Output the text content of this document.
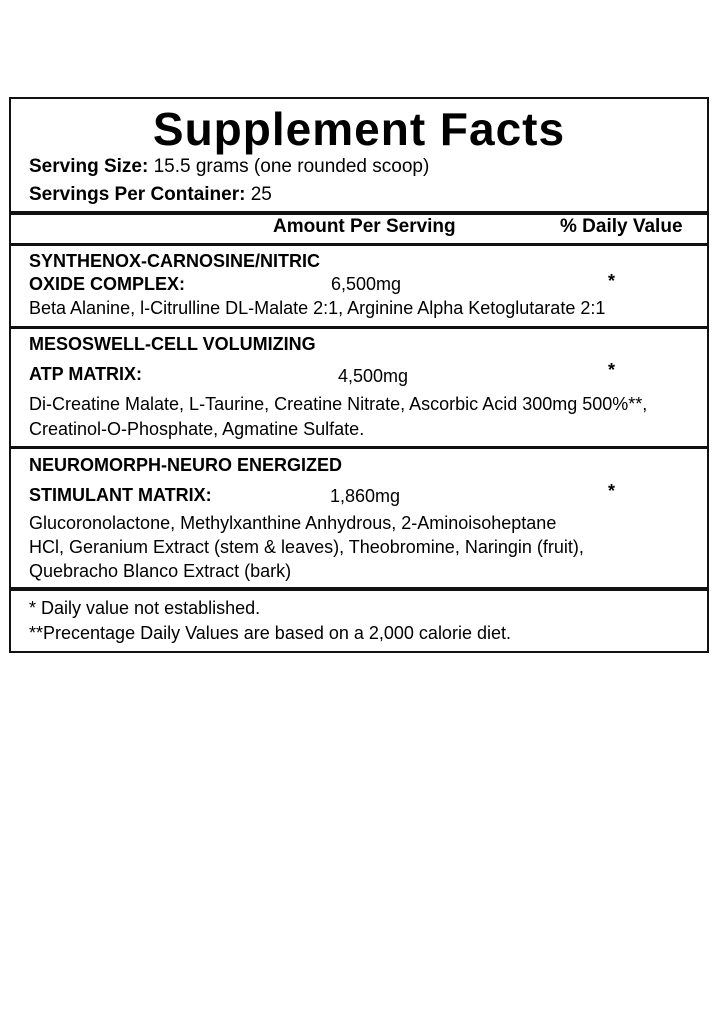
Supplement Facts
Serving Size: 15.5 grams (one rounded scoop)
Servings Per Container: 25
Amount Per Serving	% Daily Value
SYNTHENOX-CARNOSINE/NITRIC
OXIDE COMPLEX:	6,500mg	*
Beta Alanine, l-Citrulline DL-Malate 2:1, Arginine Alpha Ketoglutarate 2:1
MESOSWELL-CELL VOLUMIZING
ATP MATRIX:	4,500mg	*
Di-Creatine Malate, L-Taurine, Creatine Nitrate, Ascorbic Acid 300mg 500%**,
Creatinol-O-Phosphate, Agmatine Sulfate.
NEUROMORPH-NEURO ENERGIZED
STIMULANT MATRIX:	1,860mg	*
Glucoronolactone, Methylxanthine Anhydrous, 2-Aminoisoheptane
HCl, Geranium Extract (stem & leaves), Theobromine, Naringin (fruit),
Quebracho Blanco Extract (bark)
* Daily value not established.
**Precentage Daily Values are based on a 2,000 calorie diet.
